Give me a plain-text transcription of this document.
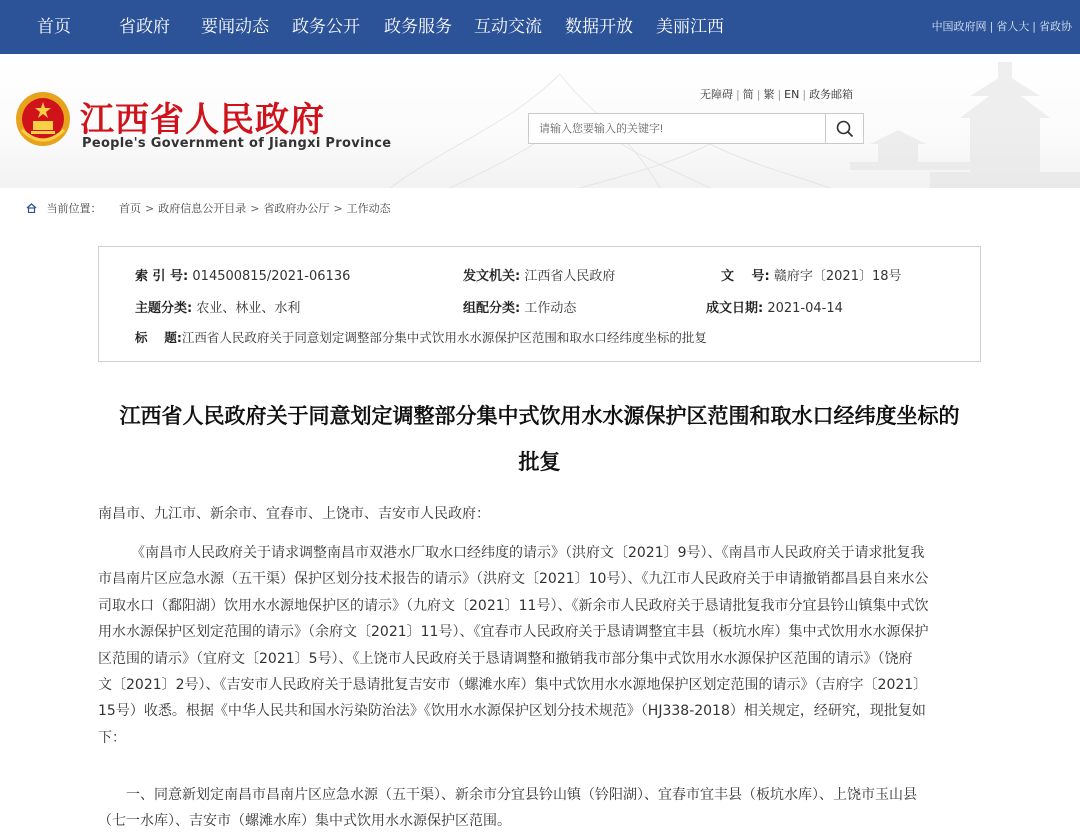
首页	省政府 要闻动态 政务公开 政务服务 互动交流 数据开放 美丽江西	中国政府网 | 省人大 | 省政协
江西省人民政府
People's Government of Jiangxi Province
无障碍 | 简 | 繁 | EN | 政务邮箱
请输入您要输入的关键字!
当前位置： 首页 > 政府信息公开目录 > 省政府办公厅 > 工作动态
索 引 号: 014500815/2021-06136	发文机关: 江西省人民政府	文　 号: 赣府字〔2021〕18号
主题分类: 农业、林业、水利	组配分类: 工作动态	成文日期: 2021-04-14
标　 题:江西省人民政府关于同意划定调整部分集中式饮用水水源保护区范围和取水口经纬度坐标的批复
江西省人民政府关于同意划定调整部分集中式饮用水水源保护区范围和取水口经纬度坐标的
批复
南昌市、九江市、新余市、宜春市、上饶市、吉安市人民政府：
《南昌市人民政府关于请求调整南昌市双港水厂取水口经纬度的请示》（洪府文〔2021〕9号）、《南昌市人民政府关于请求批复我
市昌南片区应急水源（五干渠）保护区划分技术报告的请示》（洪府文〔2021〕10号）、《九江市人民政府关于申请撤销都昌县自来水公
司取水口（鄱阳湖）饮用水水源地保护区的请示》（九府文〔2021〕11号）、《新余市人民政府关于恳请批复我市分宜县钤山镇集中式饮
用水水源保护区划定范围的请示》（余府文〔2021〕11号）、《宜春市人民政府关于恳请调整宜丰县（板坑水库）集中式饮用水水源保护
区范围的请示》（宜府文〔2021〕5号）、《上饶市人民政府关于恳请调整和撤销我市部分集中式饮用水水源保护区范围的请示》（饶府
文〔2021〕2号）、《吉安市人民政府关于恳请批复吉安市（螺滩水库）集中式饮用水水源地保护区划定范围的请示》（吉府字〔2021〕
15号）收悉。根据《中华人民共和国水污染防治法》《饮用水水源保护区划分技术规范》（HJ338-2018）相关规定，经研究，现批复如
下：
一、同意新划定南昌市昌南片区应急水源（五干渠）、新余市分宜县钤山镇（钤阳湖）、宜春市宜丰县（板坑水库）、上饶市玉山县
（七一水库）、吉安市（螺滩水库）集中式饮用水水源保护区范围。
